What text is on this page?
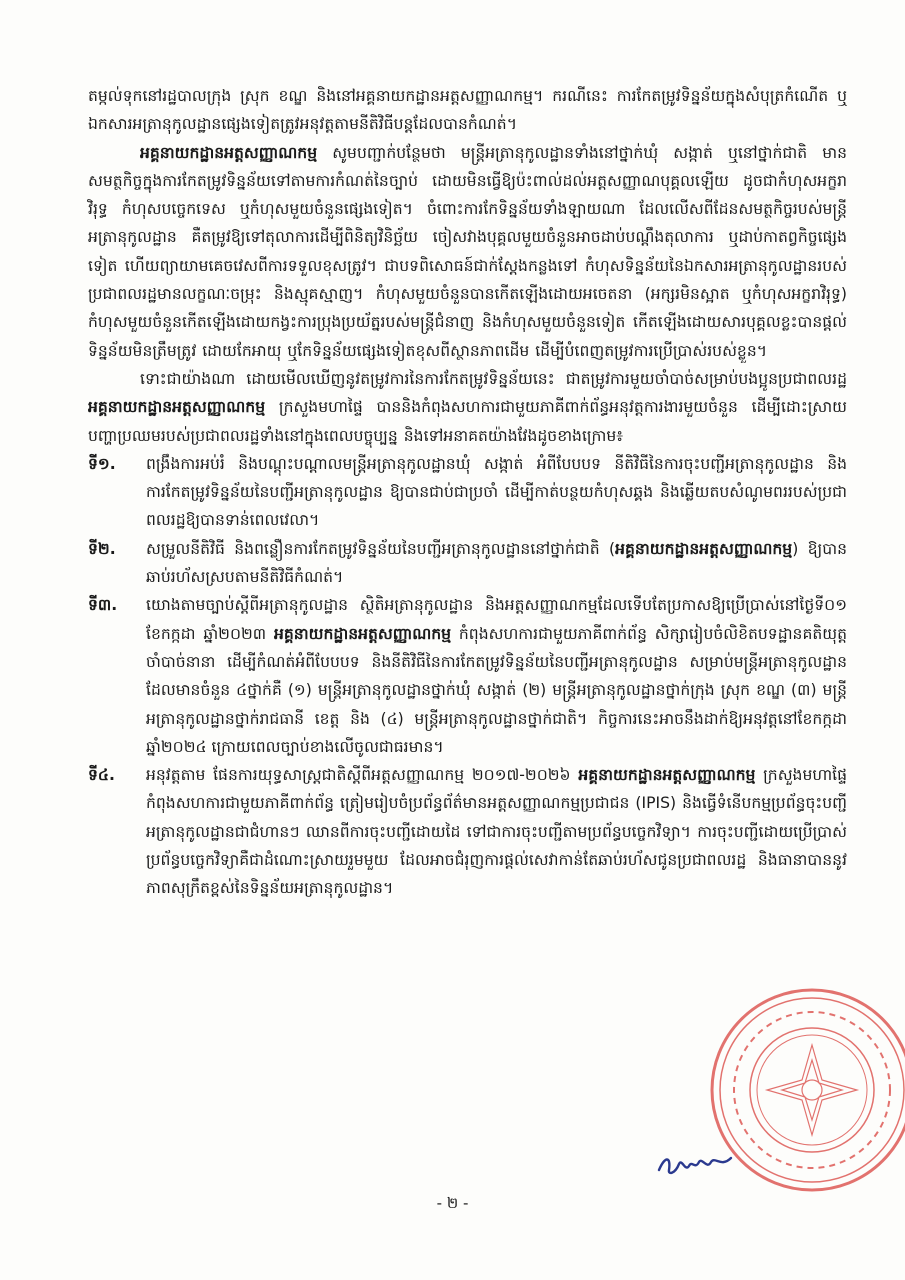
តម្កល់ទុកនៅរដ្ឋបាលក្រុង ស្រុក ខណ្ឌ និងនៅអគ្គនាយកដ្ឋានអត្តសញ្ញាណកម្ម។ ករណីនេះ ការកែតម្រូវទិន្នន័យក្នុងសំបុត្រកំណើត ឬឯកសារអត្រានុកូលដ្ឋានផ្សេងទៀតត្រូវអនុវត្តតាមនីតិវិធីបន្តដែលបានកំណត់។

អគ្គនាយកដ្ឋានអត្តសញ្ញាណកម្ម សូមបញ្ជាក់បន្ថែមថា មន្ត្រីអត្រានុកូលដ្ឋានទាំងនៅថ្នាក់ឃុំ សង្កាត់ ឬនៅថ្នាក់ជាតិ មានសមត្ថកិច្ចក្នុងការកែតម្រូវទិន្នន័យទៅតាមការកំណត់នៃច្បាប់ ដោយមិនធ្វើឱ្យប៉ះពាល់ដល់អត្តសញ្ញាណបុគ្គលឡើយ ដូចជាកំហុសអក្ខរាវិរុទ្ធ កំហុសបច្ចេកទេស ឬកំហុសមួយចំនួនផ្សេងទៀត។ ចំពោះការកែទិន្នន័យទាំងឡាយណា ដែលលើសពីដែនសមត្ថកិច្ចរបស់មន្ត្រីអត្រានុកូលដ្ឋាន គឺតម្រូវឱ្យទៅតុលាការដើម្បីពិនិត្យវិនិច្ឆ័យ ចៀសវាងបុគ្គលមួយចំនួនអាចដាប់បណ្ដឹងតុលាការ ឬដាប់កាតព្វកិច្ចផ្សេងទៀត ហើយព្យាយាមគេចវេសពីការទទួលខុសត្រូវ។ ជាបទពិសោធន៍ជាក់ស្ដែងកន្លងទៅ កំហុសទិន្នន័យនៃឯកសារអត្រានុកូលដ្ឋានរបស់ប្រជាពលរដ្ឋមានលក្ខណៈចម្រុះ និងស្មុគស្មាញ។ កំហុសមួយចំនួនបានកើតឡើងដោយអចេតនា (អក្សរមិនស្អាត ឬកំហុសអក្ខរាវិរុទ្ធ) កំហុសមួយចំនួនកើតឡើងដោយកង្វះការប្រុងប្រយ័ត្នរបស់មន្ត្រីជំនាញ និងកំហុសមួយចំនួនទៀត កើតឡើងដោយសារបុគ្គលខ្លះបានផ្ដល់ទិន្នន័យមិនត្រឹមត្រូវ ដោយកែអាយុ ឬកែទិន្នន័យផ្សេងទៀតខុសពីស្ថានភាពដើម ដើម្បីបំពេញតម្រូវការប្រើប្រាស់របស់ខ្លួន។

ទោះជាយ៉ាងណា ដោយមើលឃើញនូវតម្រូវការនៃការកែតម្រូវទិន្នន័យនេះ ជាតម្រូវការមួយចាំបាច់សម្រាប់បងប្អូនប្រជាពលរដ្ឋ អគ្គនាយកដ្ឋានអត្តសញ្ញាណកម្ម ក្រសួងមហាផ្ទៃ បាននិងកំពុងសហការជាមួយភាគីពាក់ព័ន្ធអនុវត្តការងារមួយចំនួន ដើម្បីដោះស្រាយបញ្ហាប្រឈមរបស់ប្រជាពលរដ្ឋទាំងនៅក្នុងពេលបច្ចុប្បន្ន និងទៅអនាគតយ៉ាងវែងដូចខាងក្រោម៖

ទី១.	ពង្រឹងការអប់រំ និងបណ្ដុះបណ្ដាលមន្ត្រីអត្រានុកូលដ្ឋានឃុំ សង្កាត់ អំពីបែបបទ នីតិវិធីនៃការចុះបញ្ជីអត្រានុកូលដ្ឋាន និងការកែតម្រូវទិន្នន័យនៃបញ្ជីអត្រានុកូលដ្ឋាន ឱ្យបានជាប់ជាប្រចាំ ដើម្បីកាត់បន្ថយកំហុសឆ្គង និងឆ្លើយតបសំណូមពររបស់ប្រជាពលរដ្ឋឱ្យបានទាន់ពេលវេលា។
ទី២.	សម្រួលនីតិវិធី និងពន្លឿនការកែតម្រូវទិន្នន័យនៃបញ្ជីអត្រានុកូលដ្ឋាននៅថ្នាក់ជាតិ (អគ្គនាយកដ្ឋានអត្តសញ្ញាណកម្ម) ឱ្យបានឆាប់រហ័សស្របតាមនីតិវិធីកំណត់។
ទី៣.	យោងតាមច្បាប់ស្ដីពីអត្រានុកូលដ្ឋាន ស្ថិតិអត្រានុកូលដ្ឋាន និងអត្តសញ្ញាណកម្មដែលទើបតែប្រកាសឱ្យប្រើប្រាស់នៅថ្ងៃទី០១ ខែកក្កដា ឆ្នាំ២០២៣ អគ្គនាយកដ្ឋានអត្តសញ្ញាណកម្ម កំពុងសហការជាមួយភាគីពាក់ព័ន្ធ សិក្សារៀបចំលិខិតបទដ្ឋានគតិយុត្តចាំបាច់នានា ដើម្បីកំណត់អំពីបែបបទ និងនីតិវិធីនៃការកែតម្រូវទិន្នន័យនៃបញ្ជីអត្រានុកូលដ្ឋាន សម្រាប់មន្ត្រីអត្រានុកូលដ្ឋានដែលមានចំនួន ៤ថ្នាក់គឺ (១) មន្ត្រីអត្រានុកូលដ្ឋានថ្នាក់ឃុំ សង្កាត់ (២) មន្ត្រីអត្រានុកូលដ្ឋានថ្នាក់ក្រុង ស្រុក ខណ្ឌ (៣) មន្ត្រីអត្រានុកូលដ្ឋានថ្នាក់រាជធានី ខេត្ត និង (៤) មន្ត្រីអត្រានុកូលដ្ឋានថ្នាក់ជាតិ។ កិច្ចការនេះអាចនឹងដាក់ឱ្យអនុវត្តនៅខែកក្កដា ឆ្នាំ២០២៤ ក្រោយពេលច្បាប់ខាងលើចូលជាធរមាន។
ទី៤.	អនុវត្តតាម ផែនការយុទ្ធសាស្ត្រជាតិស្ដីពីអត្តសញ្ញាណកម្ម ២០១៧-២០២៦ អគ្គនាយកដ្ឋានអត្តសញ្ញាណកម្ម ក្រសួងមហាផ្ទៃ កំពុងសហការជាមួយភាគីពាក់ព័ន្ធ ត្រៀមរៀបចំប្រព័ន្ធព័ត៌មានអត្តសញ្ញាណកម្មប្រជាជន (IPIS) និងធ្វើទំនើបកម្មប្រព័ន្ធចុះបញ្ជីអត្រានុកូលដ្ឋានជាជំហានៗ ឈានពីការចុះបញ្ជីដោយដៃ ទៅជាការចុះបញ្ជីតាមប្រព័ន្ធបច្ចេកវិទ្យា។ ការចុះបញ្ជីដោយប្រើប្រាស់ប្រព័ន្ធបច្ចេកវិទ្យាគឺជាដំណោះស្រាយរួមមួយ ដែលអាចជំរុញការផ្ដល់សេវាកាន់តែឆាប់រហ័សជូនប្រជាពលរដ្ឋ និងធានាបាននូវភាពសុក្រឹតខ្ពស់នៃទិន្នន័យអត្រានុកូលដ្ឋាន។
- ២ -
